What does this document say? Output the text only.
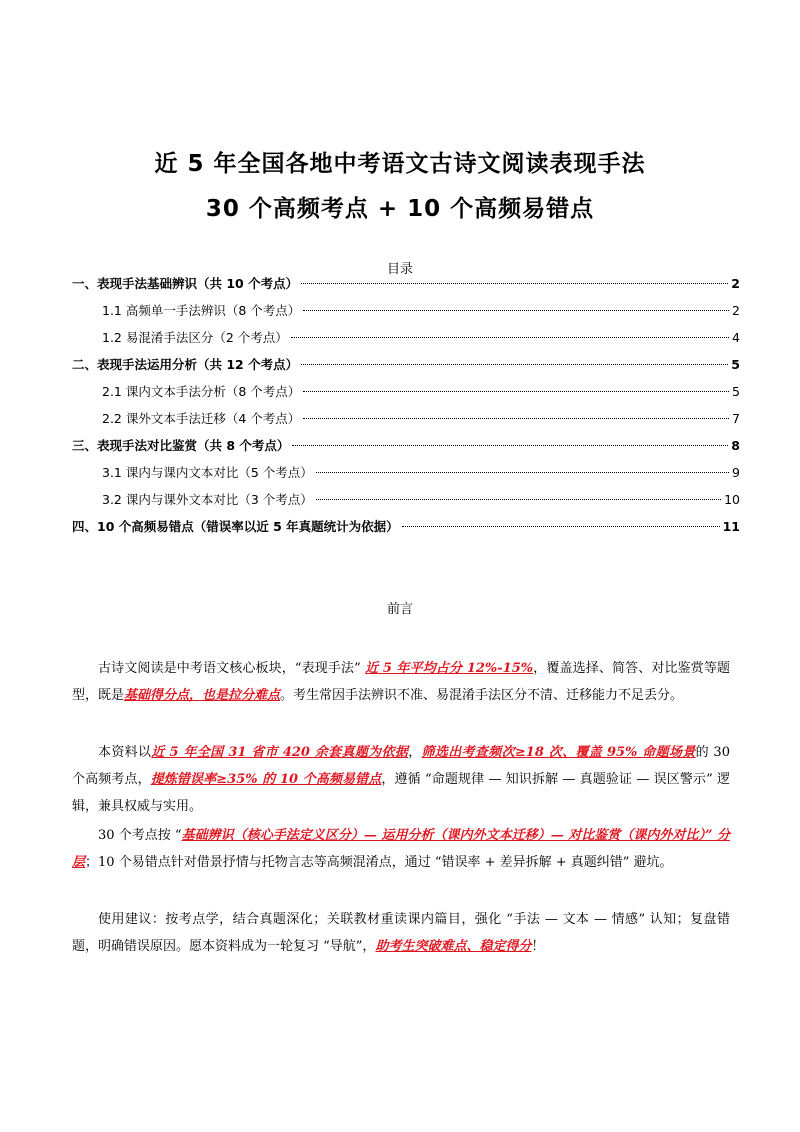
近 5 年全国各地中考语文古诗文阅读表现手法
30 个高频考点 + 10 个高频易错点
目录
一、表现手法基础辨识（共 10 个考点）	2
1.1 高频单一手法辨识（8 个考点）	2
1.2 易混淆手法区分（2 个考点）	4
二、表现手法运用分析（共 12 个考点）	5
2.1 课内文本手法分析（8 个考点）	5
2.2 课外文本手法迁移（4 个考点）	7
三、表现手法对比鉴赏（共 8 个考点）	8
3.1 课内与课内文本对比（5 个考点）	9
3.2 课内与课外文本对比（3 个考点）	10
四、10 个高频易错点（错误率以近 5 年真题统计为依据）	11
前言

古诗文阅读是中考语文核心板块，“表现手法” 近 5 年平均占分 12%-15%，覆盖选择、简答、对比鉴赏等题型，既是基础得分点，也是拉分难点。考生常因手法辨识不准、易混淆手法区分不清、迁移能力不足丢分。

本资料以近 5 年全国 31 省市 420 余套真题为依据，筛选出考查频次≥18 次、覆盖 95% 命题场景的 30 个高频考点，提炼错误率≥35% 的 10 个高频易错点，遵循 “命题规律 — 知识拆解 — 真题验证 — 误区警示” 逻辑，兼具权威与实用。

30 个考点按 “基础辨识（核心手法定义区分）— 运用分析（课内外文本迁移）— 对比鉴赏（课内外对比）” 分层；10 个易错点针对借景抒情与托物言志等高频混淆点，通过 “错误率 + 差异拆解 + 真题纠错” 避坑。

使用建议：按考点学，结合真题深化；关联教材重读课内篇目，强化 “手法 — 文本 — 情感” 认知；复盘错题，明确错误原因。愿本资料成为一轮复习 “导航”，助考生突破难点、稳定得分！
